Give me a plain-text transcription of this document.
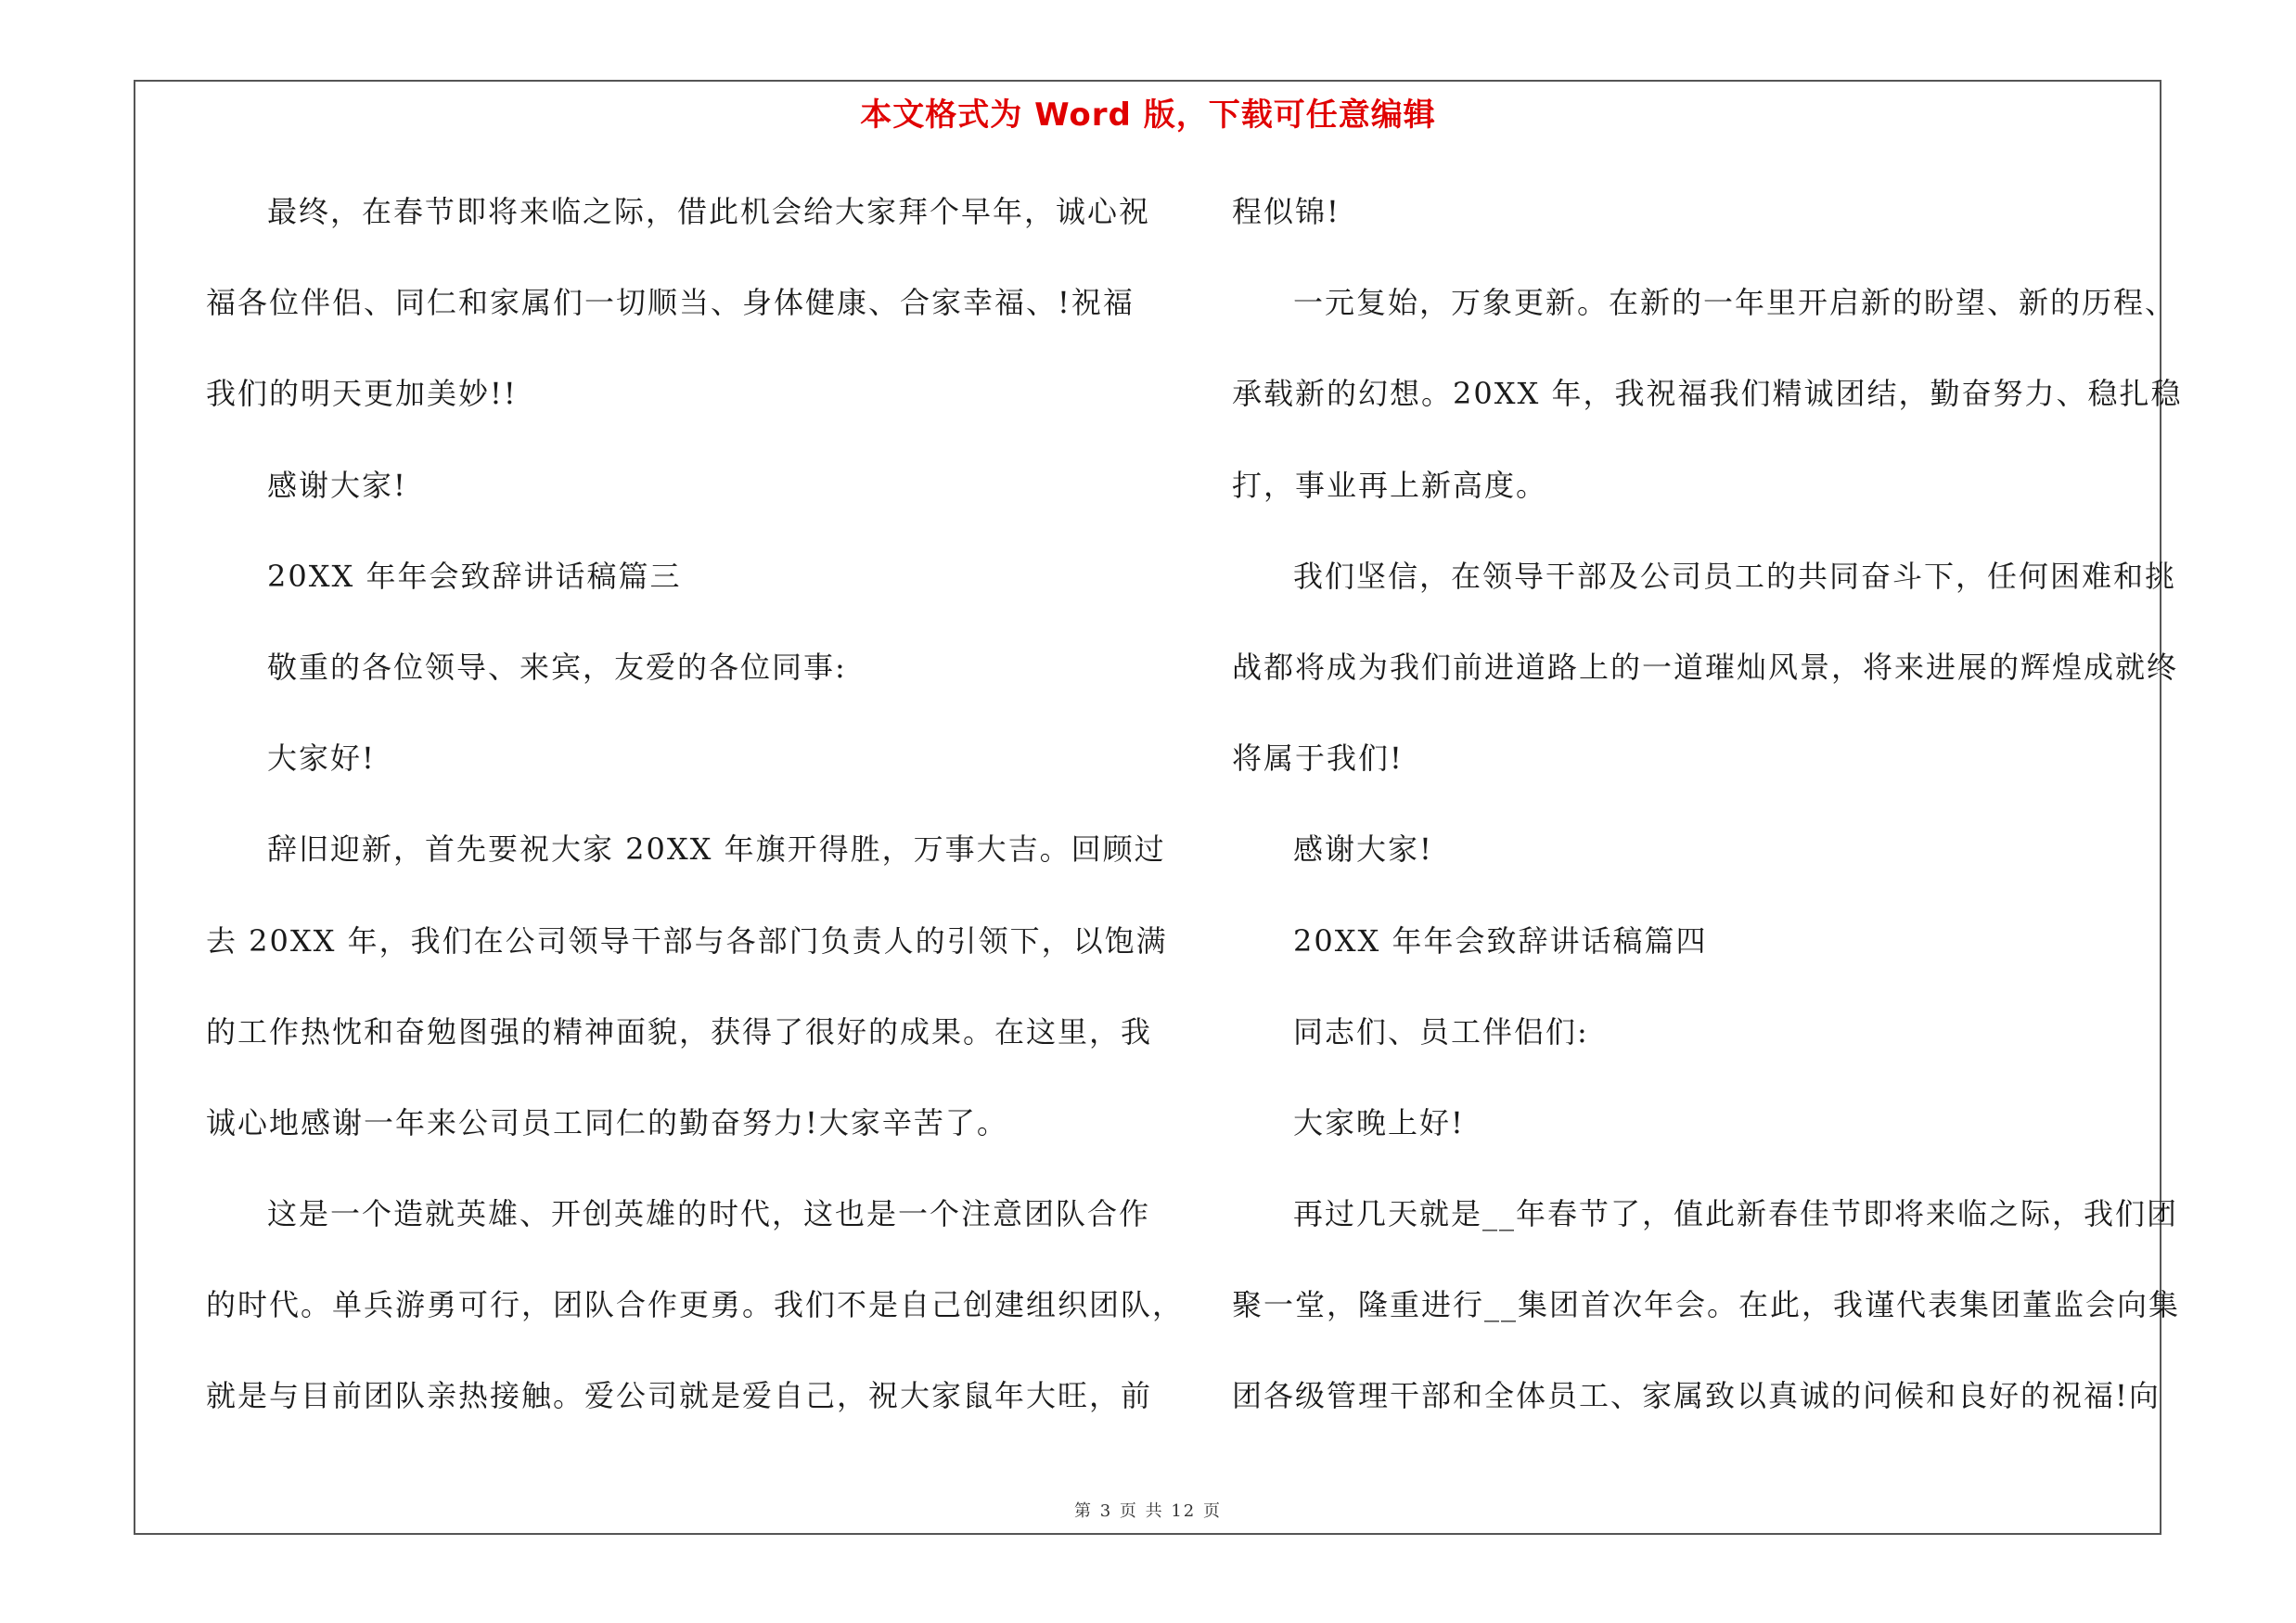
本文格式为 Word 版，下载可任意编辑
最终，在春节即将来临之际，借此机会给大家拜个早年，诚心祝
福各位伴侣、同仁和家属们一切顺当、身体健康、合家幸福、!祝福
我们的明天更加美妙!!
感谢大家!
20XX 年年会致辞讲话稿篇三
敬重的各位领导、来宾，友爱的各位同事:
大家好!
辞旧迎新，首先要祝大家 20XX 年旗开得胜，万事大吉。回顾过
去 20XX 年，我们在公司领导干部与各部门负责人的引领下，以饱满
的工作热忱和奋勉图强的精神面貌，获得了很好的成果。在这里，我
诚心地感谢一年来公司员工同仁的勤奋努力!大家辛苦了。
这是一个造就英雄、开创英雄的时代，这也是一个注意团队合作
的时代。单兵游勇可行，团队合作更勇。我们不是自己创建组织团队，
就是与目前团队亲热接触。爱公司就是爱自己，祝大家鼠年大旺，前
程似锦!
一元复始，万象更新。在新的一年里开启新的盼望、新的历程、
承载新的幻想。20XX 年，我祝福我们精诚团结，勤奋努力、稳扎稳
打，事业再上新高度。
我们坚信，在领导干部及公司员工的共同奋斗下，任何困难和挑
战都将成为我们前进道路上的一道璀灿风景，将来进展的辉煌成就终
将属于我们!
感谢大家!
20XX 年年会致辞讲话稿篇四
同志们、员工伴侣们:
大家晚上好!
再过几天就是__年春节了，值此新春佳节即将来临之际，我们团
聚一堂，隆重进行__集团首次年会。在此，我谨代表集团董监会向集
团各级管理干部和全体员工、家属致以真诚的问候和良好的祝福!向
第 3 页 共 12 页
